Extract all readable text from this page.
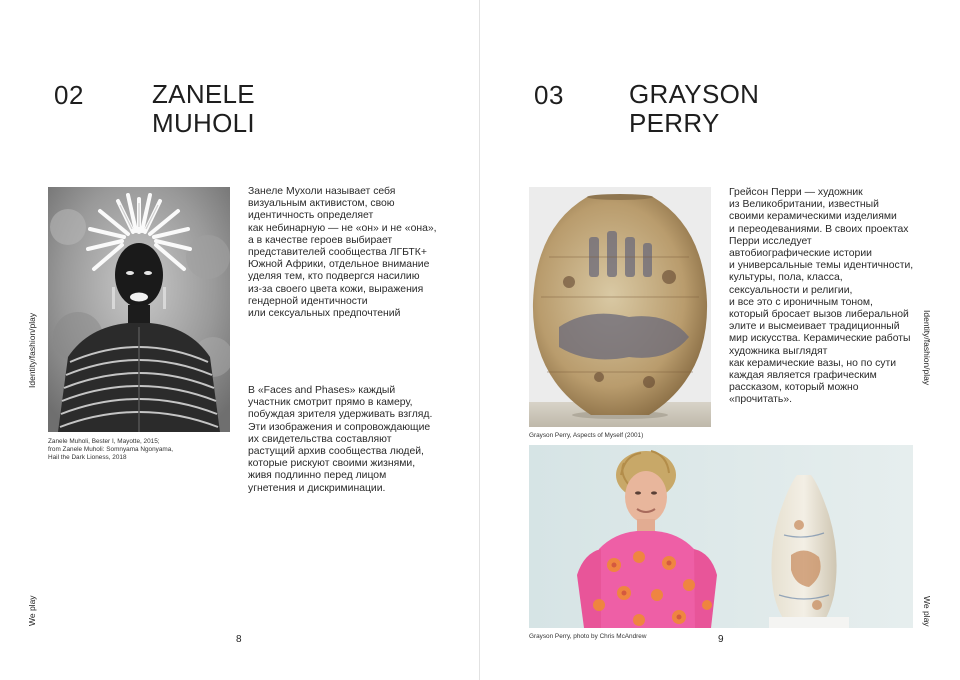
02	ZANELE
MUHOLI
Zanele Muholi, Bester I, Mayotte, 2015;
from Zanele Muholi: Somnyama Ngonyama,
Hail the Dark Lioness, 2018
Занеле Мухоли называет себя
визуальным активистом, свою
идентичность определяет
как небинарную — не «он» и не «она»,
а в качестве героев выбирает
представителей сообщества ЛГБТК+
Южной Африки, отдельное внимание
уделяя тем, кто подвергся насилию
из-за своего цвета кожи, выражения
гендерной идентичности
или сексуальных предпочтений
В «Faces and Phases» каждый
участник смотрит прямо в камеру,
побуждая зрителя удерживать взгляд.
Эти изображения и сопровождающие
их свидетельства составляют
растущий архив сообщества людей,
которые рискуют своими жизнями,
живя подлинно перед лицом
угнетения и дискриминации.
Identity/fashion/play
We play
8
03	GRAYSON
PERRY
Грейсон Перри — художник
из Великобритании, известный
своими керамическими изделиями
и переодеваниями. В своих проектах
Перри исследует
автобиографические истории
и универсальные темы идентичности,
культуры, пола, класса,
сексуальности и религии,
и все это с ироничным тоном,
который бросает вызов либеральной
элите и высмеивает традиционный
мир искусства. Керамические работы
художника выглядят
как керамические вазы, но по сути
каждая является графическим
рассказом, который можно
«прочитать».
Identity/fashion/play
We play
9
Grayson Perry, Aspects of Myself (2001)
Grayson Perry, photo by Chris McAndrew
